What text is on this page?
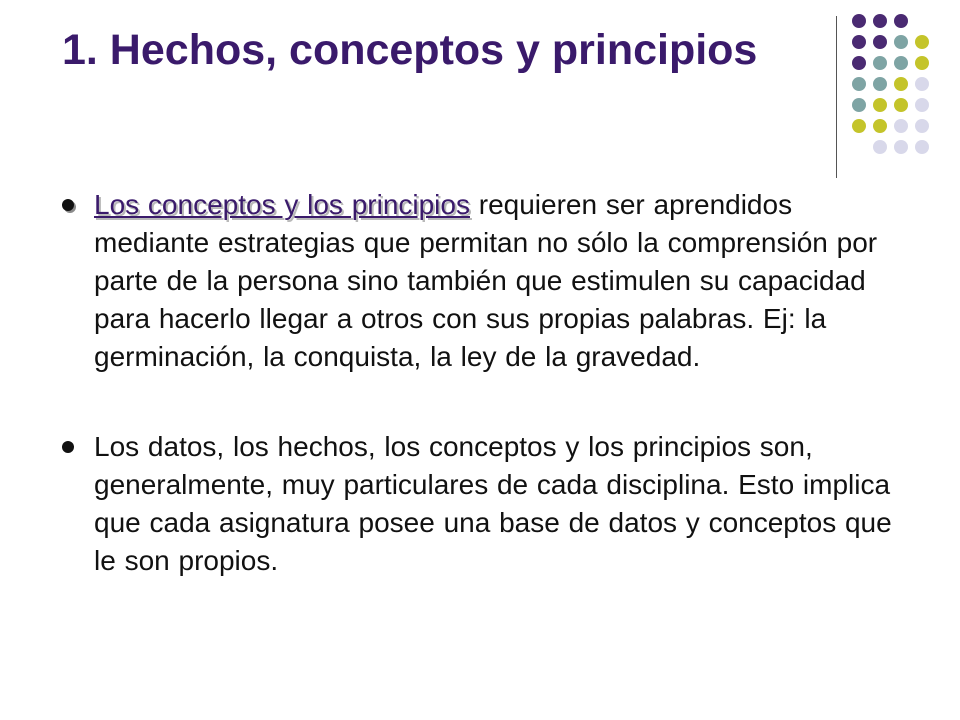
1. Hechos, conceptos y principios
Los conceptos y los principios requieren ser aprendidos mediante estrategias que permitan no sólo la comprensión por parte de la persona sino también que estimulen su capacidad para hacerlo llegar a otros con sus propias palabras. Ej: la germinación, la conquista, la ley de la gravedad.
Los datos, los hechos, los conceptos y los principios son, generalmente, muy particulares de cada disciplina. Esto implica que cada asignatura posee una base de datos y conceptos que le son propios.
